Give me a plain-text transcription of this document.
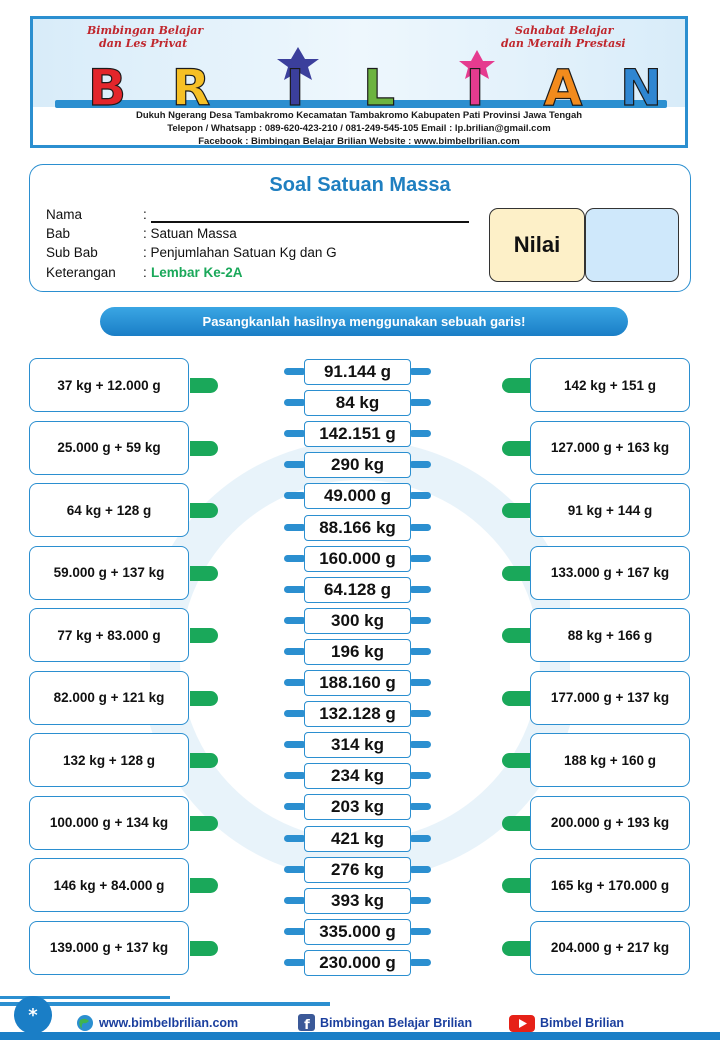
Bimbingan Belajar
dan Les Privat
Sahabat Belajar
dan Meraih Prestasi
B R I L I A N
Dukuh Ngerang Desa Tambakromo Kecamatan Tambakromo Kabupaten Pati Provinsi Jawa Tengah
Telepon / Whatsapp : 089-620-423-210 / 081-249-545-105 Email : lp.brilian@gmail.com
Facebook : Bimbingan Belajar Brilian Website : www.bimbelbrilian.com
Soal Satuan Massa
Nama	:
Bab	: Satuan Massa
Sub Bab	: Penjumlahan Satuan Kg dan G
Keterangan : Lembar Ke-2A
Nilai
Pasangkanlah hasilnya menggunakan sebuah garis!
37 kg + 12.000 g	142 kg + 151 g
25.000 g + 59 kg	127.000 g + 163 kg
64 kg + 128 g	91 kg + 144 g
59.000 g + 137 kg	133.000 g + 167 kg
77 kg + 83.000 g	88 kg + 166 g
82.000 g + 121 kg	177.000 g + 137 kg
132 kg + 128 g	188 kg + 160 g
100.000 g + 134 kg	200.000 g + 193 kg
146 kg + 84.000 g	165 kg + 170.000 g
139.000 g + 137 kg	204.000 g + 217 kg
91.144 g
84 kg
142.151 g
290 kg
49.000 g
88.166 kg
160.000 g
64.128 g
300 kg
196 kg
188.160 g
132.128 g
314 kg
234 kg
203 kg
421 kg
276 kg
393 kg
335.000 g
230.000 g
*	www.bimbelbrilian.com	f Bimbingan Belajar Brilian	Bimbel Brilian
